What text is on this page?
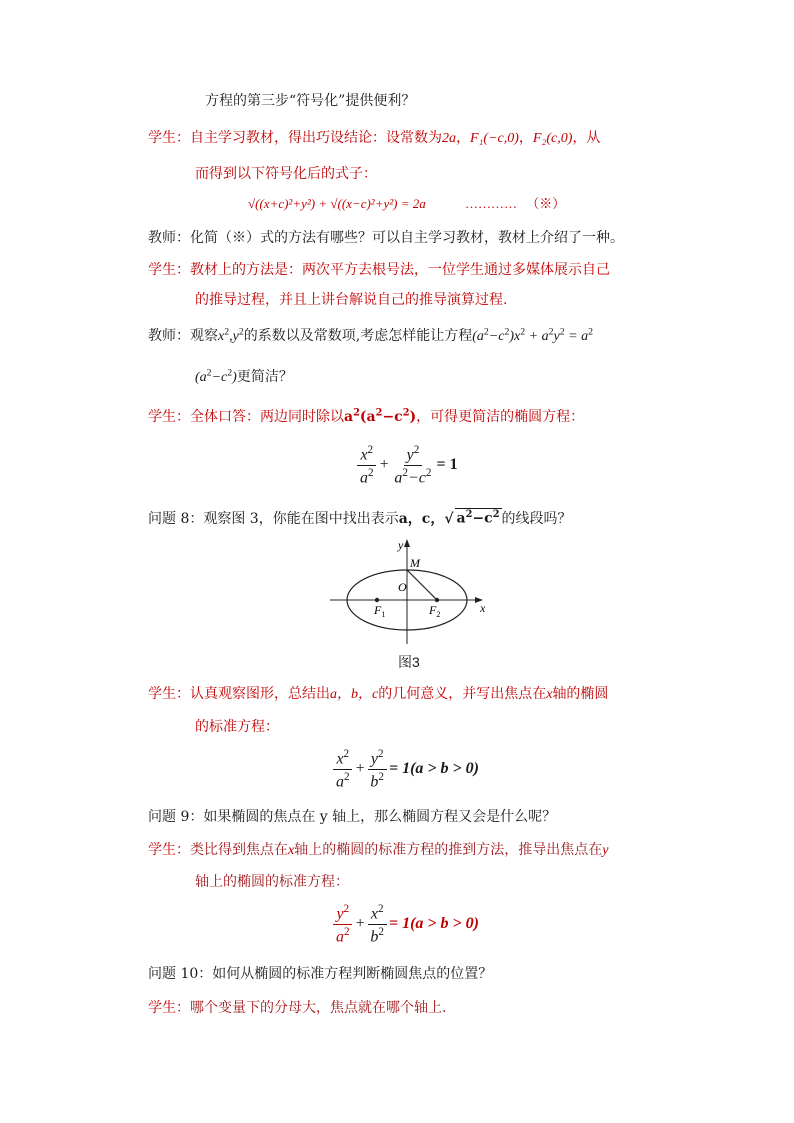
方程的第三步“符号化”提供便利？
学生：自主学习教材，得出巧设结论：设常数为2a，F₁(−c,0)，F₂(c,0)，从
而得到以下符号化后的式子：
√((x+c)²+y²) + √((x−c)²+y²) = 2a	………… （※）
教师：化简（※）式的方法有哪些？可以自主学习教材，教材上介绍了一种。
学生：教材上的方法是：两次平方去根号法，一位学生通过多媒体展示自己
的推导过程，并且上讲台解说自己的推导演算过程.
教师：观察$x^2,y^2$的系数以及常数项,考虑怎样能让方程$(a^2-c^2)x^2 + a^2y^2 = a^2$
$(a^2-c^2)$更简洁？
学生：全体口答：两边同时除以$a^2(a^2-c^2)$，可得更简洁的椭圆方程：
$\frac{x^2}{a^2} + \frac{y^2}{a^2-c^2} = 1$
问题 8：观察图 3，你能在图中找出表示a，c，√ $a^2-c^2$ 的线段吗？
y
x
O
M
$F_1$	$F_2$
图3
学生：认真观察图形，总结出a，b，c的几何意义，并写出焦点在x轴的椭圆
的标准方程：
$\frac{x^2}{a^2} + \frac{y^2}{b^2} = 1(a > b > 0)$
问题 9：如果椭圆的焦点在 y 轴上，那么椭圆方程又会是什么呢？
学生：类比得到焦点在x轴上的椭圆的标准方程的推到方法，推导出焦点在y
轴上的椭圆的标准方程：
$\frac{y^2}{a^2} + \frac{x^2}{b^2} = 1(a > b > 0)$
问题 10：如何从椭圆的标准方程判断椭圆焦点的位置？
学生：哪个变量下的分母大，焦点就在哪个轴上.
